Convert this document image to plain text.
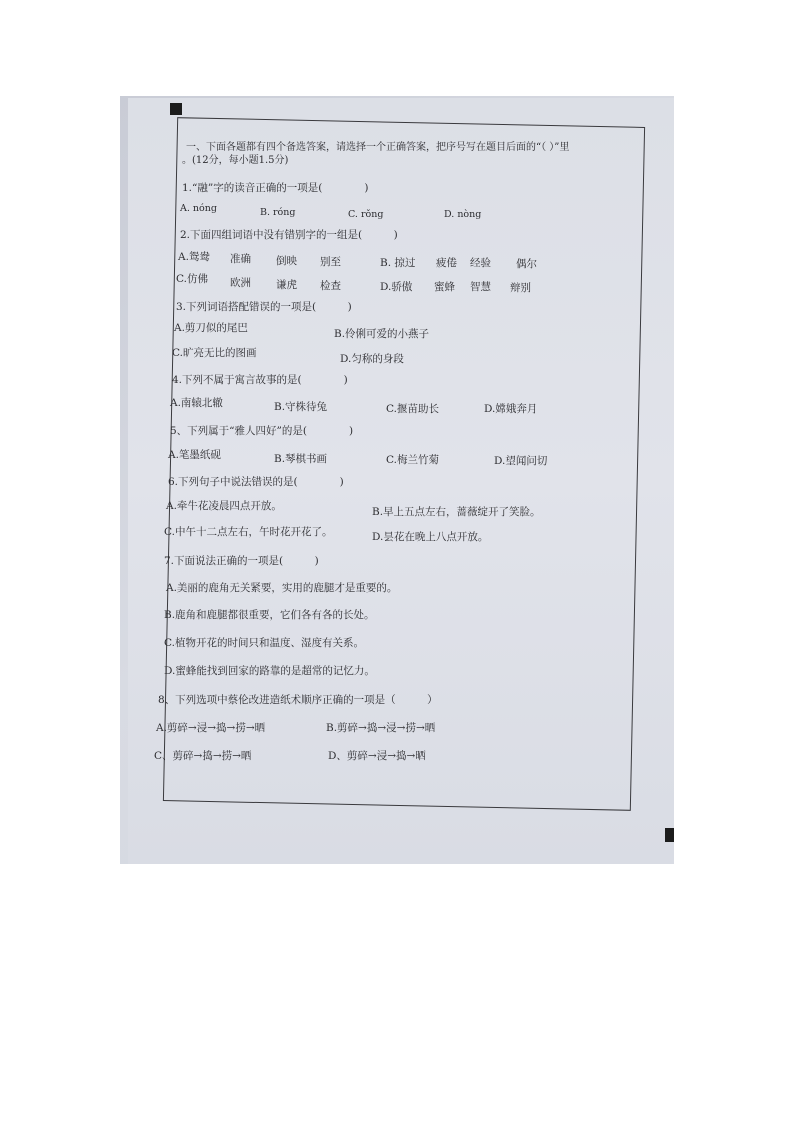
一、下面各题都有四个备选答案，请选择一个正确答案，把序号写在题目后面的“（ ）”里
。(12分，每小题1.5分)
1.“融”字的读音正确的一项是(　　　　)
A. nóng	B. róng	C. rǒng	D. nòng
2.下面四组词语中没有错别字的一组是(　　　)
A.鸳鸯 准确 倒映 别至	B. 掠过 疲倦 经验 偶尔
C.仿佛 欧洲 谦虎 检查	D.骄傲 蜜蜂 智慧 辩别
3.下列词语搭配错误的一项是(　　　)
A.剪刀似的尾巴	B.伶俐可爱的小燕子
C.旷亮无比的图画	D.匀称的身段
4.下列不属于寓言故事的是(　　　　)
A.南辕北辙	B.守株待兔	C.揠苗助长	D.嫦娥奔月
5、下列属于“雅人四好”的是(　　　　)
A.笔墨纸砚	B.琴棋书画	C.梅兰竹菊	D.望闻问切
6.下列句子中说法错误的是(　　　　)
A.牵牛花凌晨四点开放。	B.早上五点左右，蔷薇绽开了笑脸。
C.中午十二点左右，午时花开花了。	D.昙花在晚上八点开放。
7.下面说法正确的一项是(　　　)
A.美丽的鹿角无关紧要，实用的鹿腿才是重要的。
B.鹿角和鹿腿都很重要，它们各有各的长处。
C.植物开花的时间只和温度、湿度有关系。
D.蜜蜂能找到回家的路靠的是超常的记忆力。
8、下列选项中蔡伦改进造纸术顺序正确的一项是（　　　）
A.剪碎→浸→捣→捞→晒	B.剪碎→捣→浸→捞→晒
C、剪碎→捣→捞→晒	D、剪碎→浸→捣→晒
